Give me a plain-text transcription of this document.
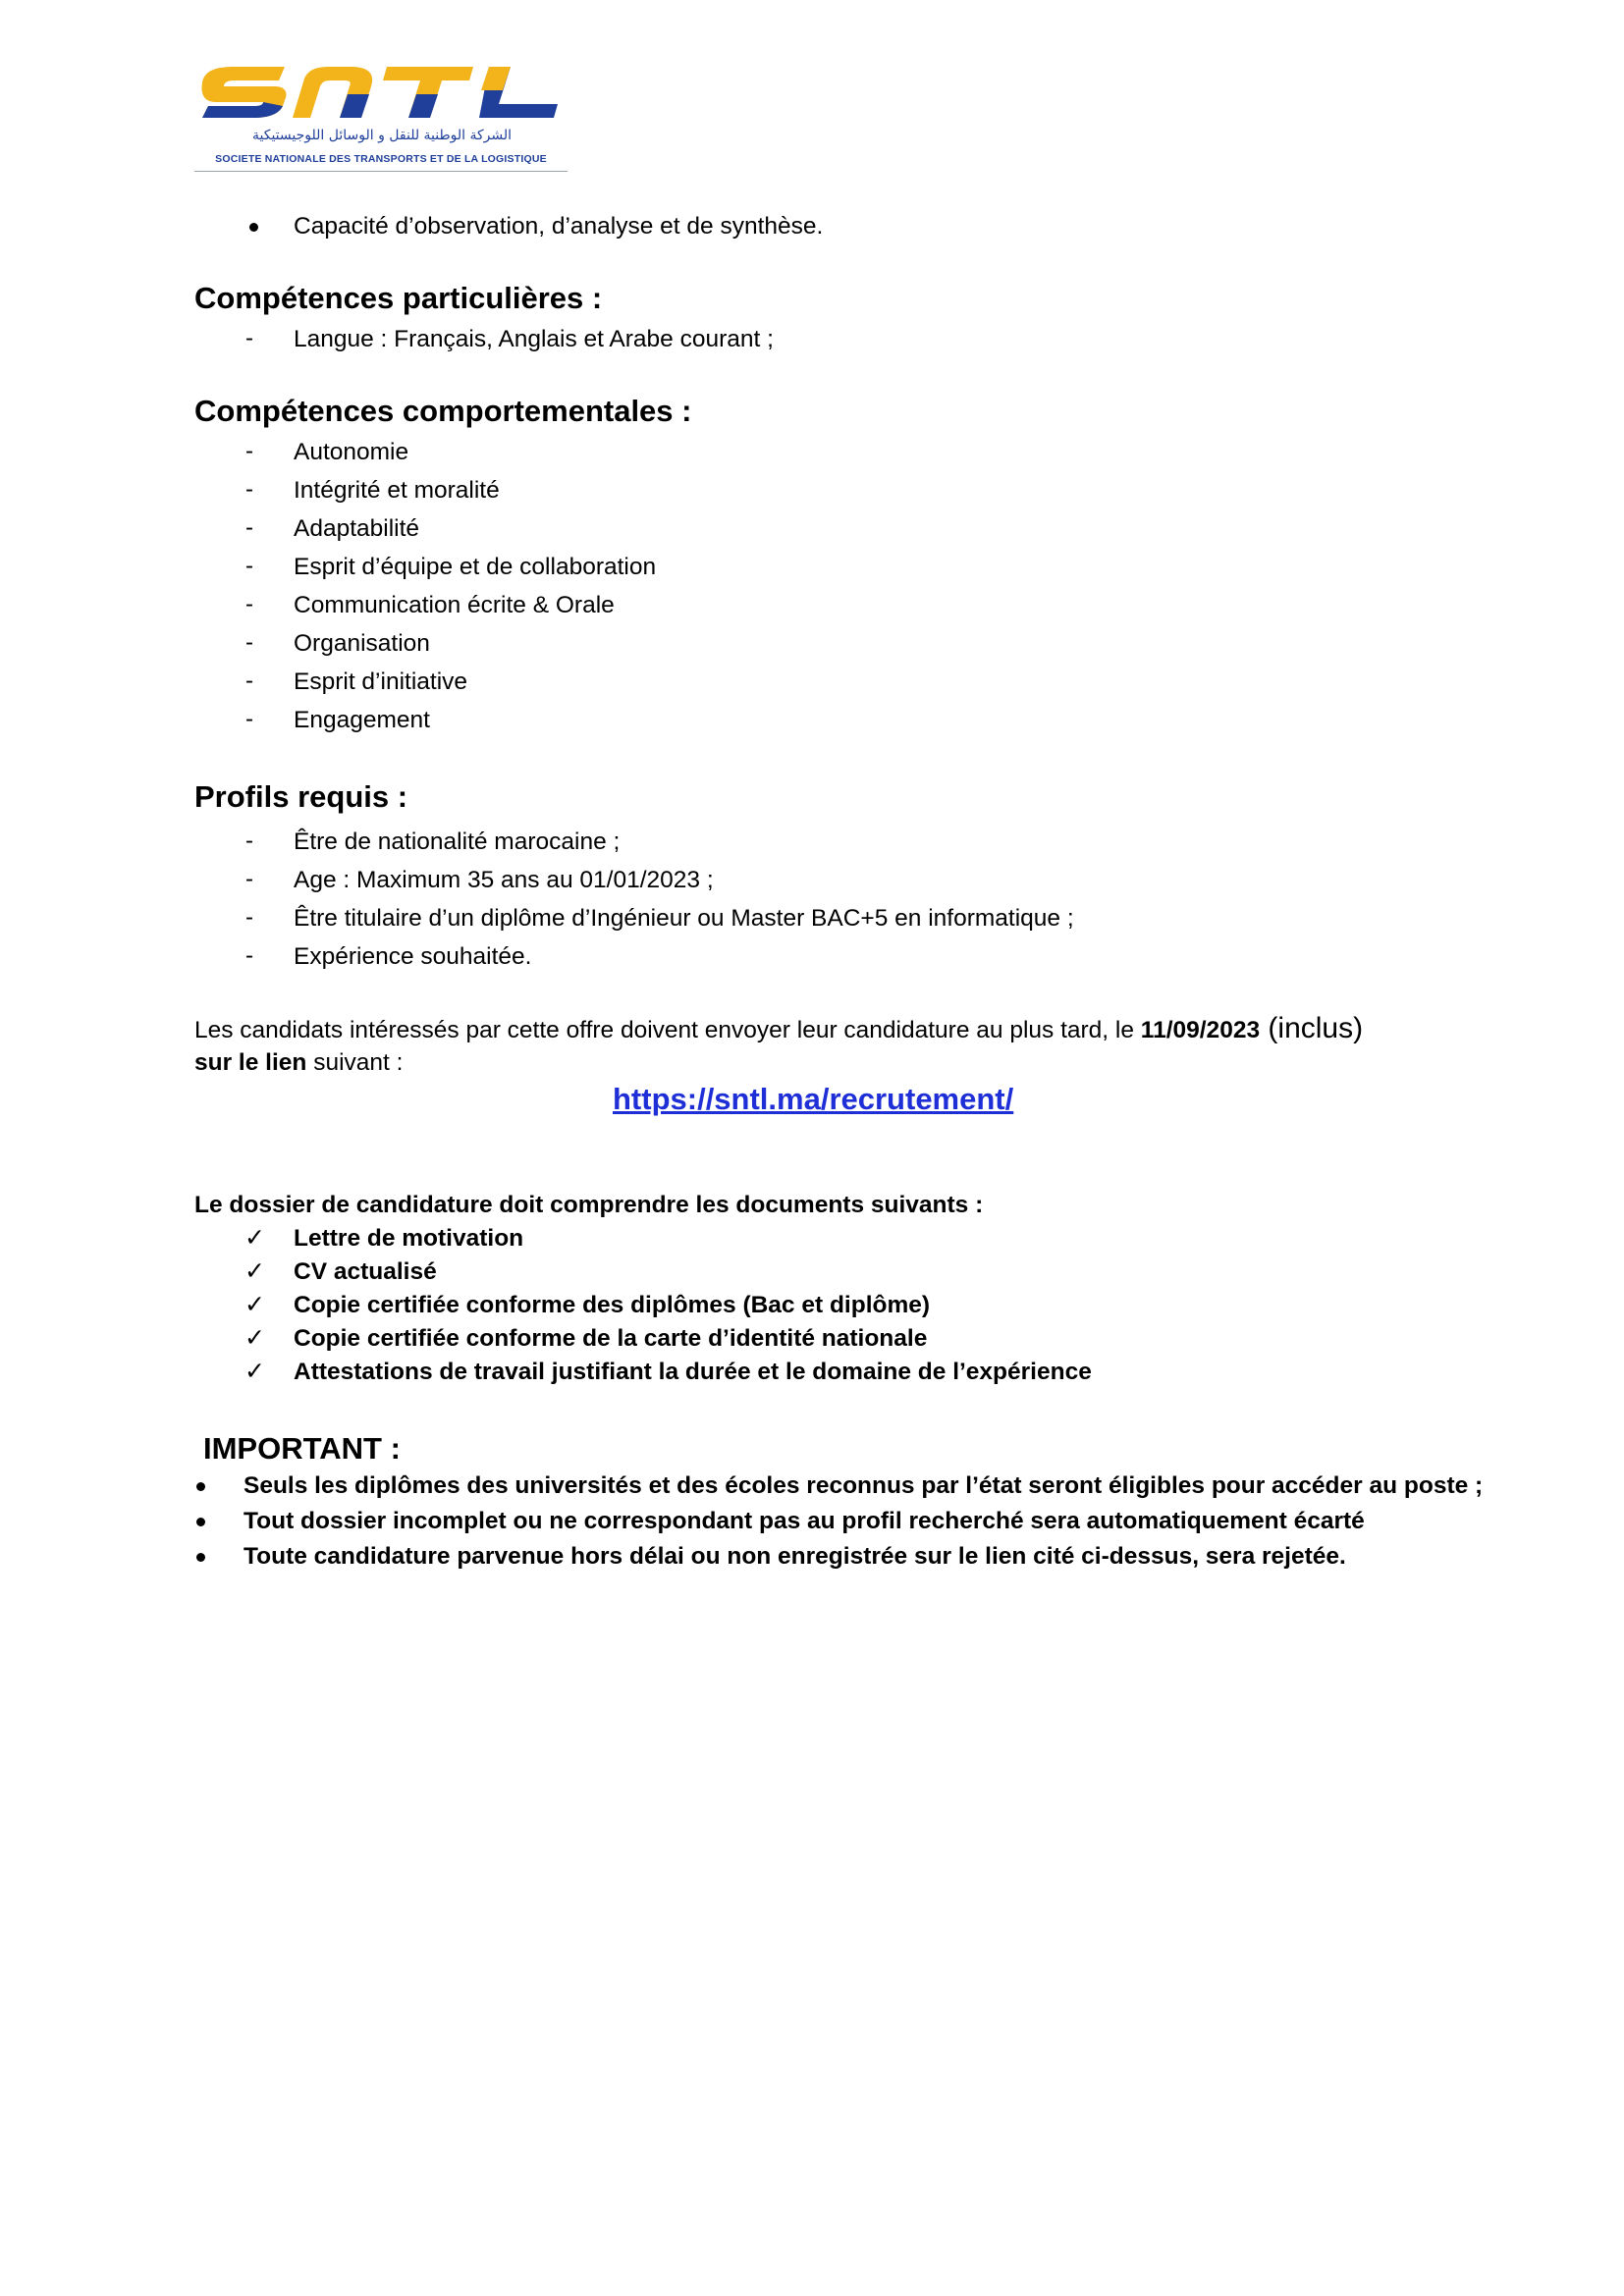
الشركة الوطنية للنقل و الوسائل اللوجيستيكية
SOCIETE NATIONALE DES TRANSPORTS ET DE LA LOGISTIQUE
Capacité d’observation, d’analyse et de synthèse.
Compétences particulières :
- Langue : Français, Anglais et Arabe courant ;
Compétences comportementales :
- Autonomie
- Intégrité et moralité
- Adaptabilité
- Esprit d’équipe et de collaboration
- Communication écrite & Orale
- Organisation
- Esprit d’initiative
- Engagement
Profils requis :
- Être de nationalité marocaine ;
- Age : Maximum 35 ans au 01/01/2023 ;
- Être titulaire d’un diplôme d’Ingénieur ou Master BAC+5 en informatique ;
- Expérience souhaitée.
Les candidats intéressés par cette offre doivent envoyer leur candidature au plus tard, le 11/09/2023 (inclus)
sur le lien suivant :
https://sntl.ma/recrutement/
Le dossier de candidature doit comprendre les documents suivants :
✓ Lettre de motivation
✓ CV actualisé
✓ Copie certifiée conforme des diplômes (Bac et diplôme)
✓ Copie certifiée conforme de la carte d’identité nationale
✓ Attestations de travail justifiant la durée et le domaine de l’expérience
IMPORTANT :
Seuls les diplômes des universités et des écoles reconnus par l’état seront éligibles pour accéder au poste ;
Tout dossier incomplet ou ne correspondant pas au profil recherché sera automatiquement écarté
Toute candidature parvenue hors délai ou non enregistrée sur le lien cité ci-dessus, sera rejetée.
